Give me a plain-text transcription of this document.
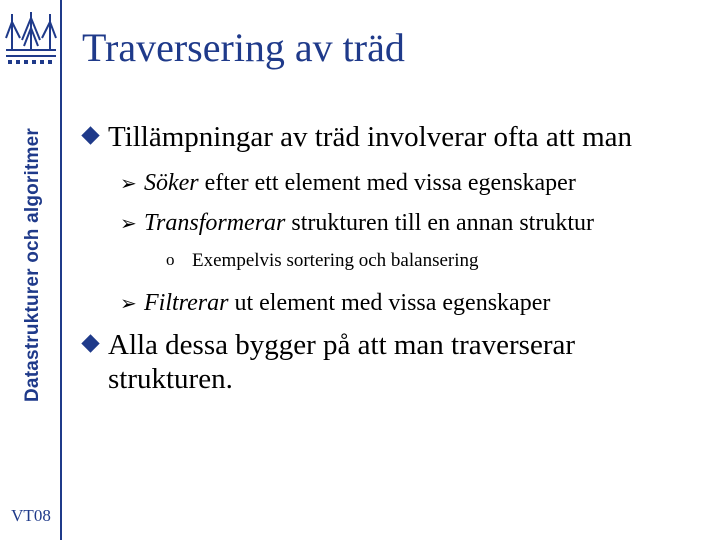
Datastrukturer och algoritmer
VT08
Traversering av träd
Tillämpningar av träd involverar ofta att man
➢ Söker efter ett element med vissa egenskaper
➢ Transformerar strukturen till en annan struktur
o Exempelvis sortering och balansering
➢ Filtrerar ut element med vissa egenskaper
Alla dessa bygger på att man traverserar strukturen.
